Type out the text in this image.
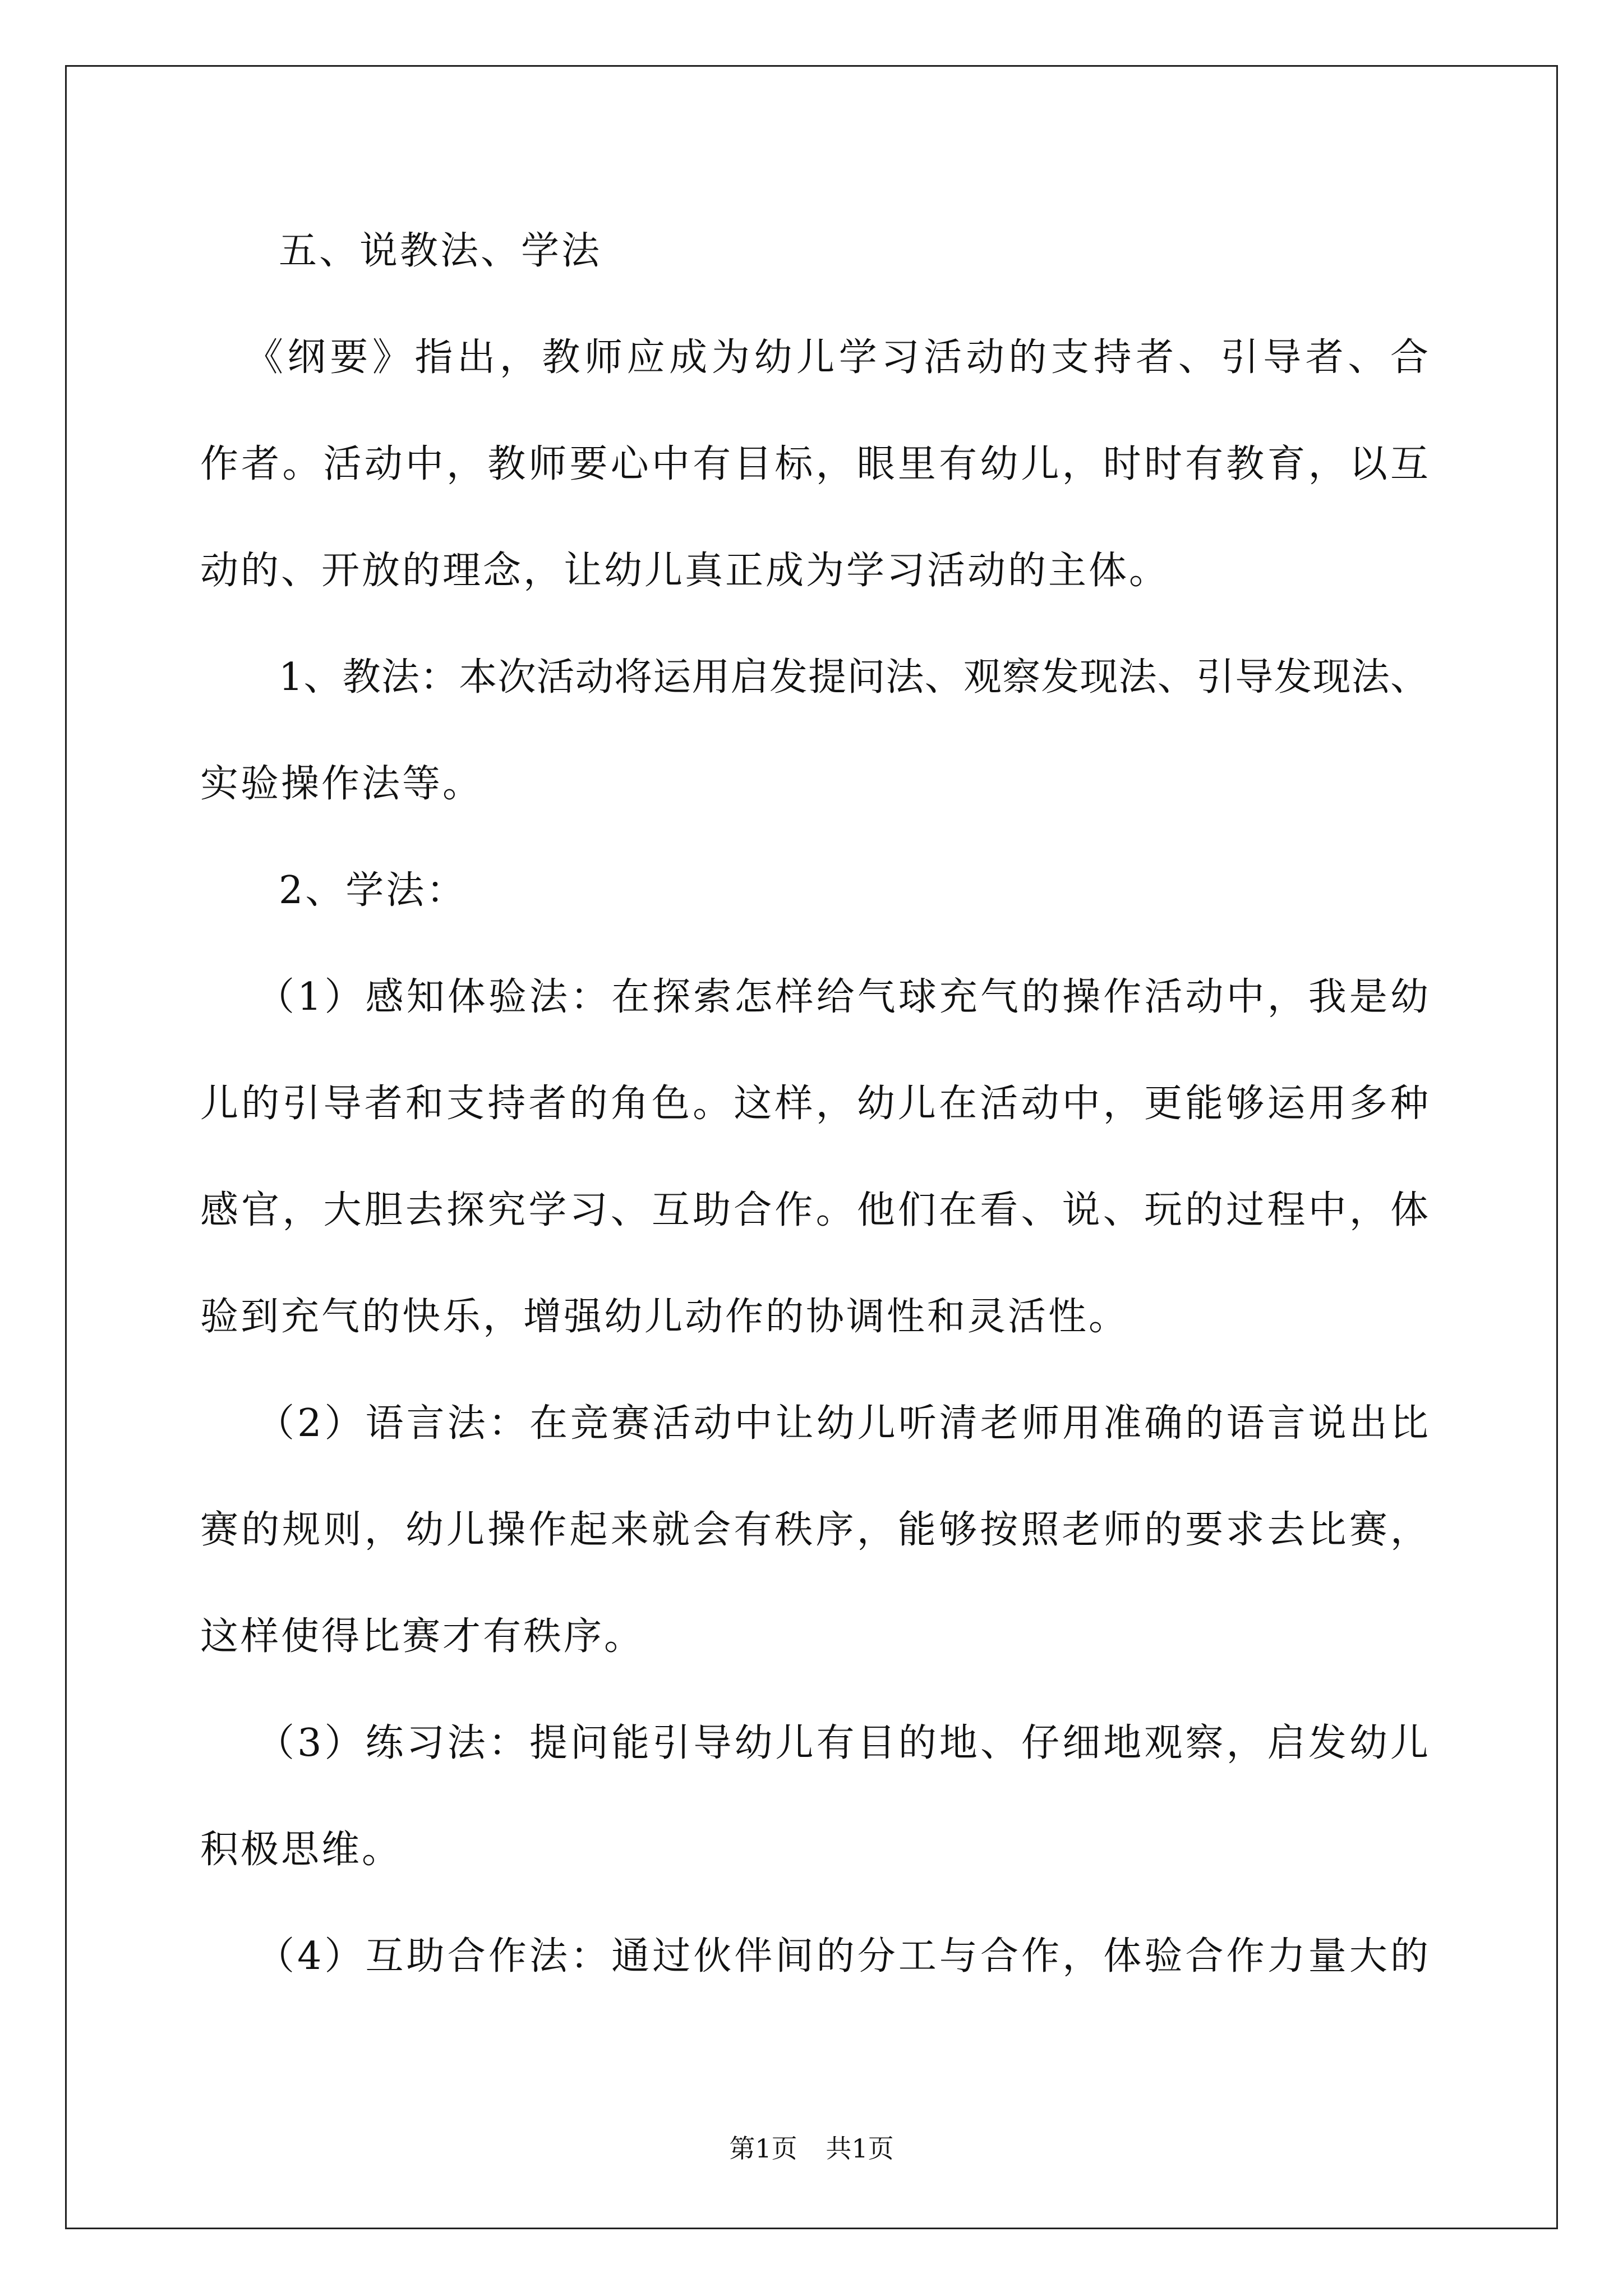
五、说教法、学法
《纲要》指出，教师应成为幼儿学习活动的支持者、引导者、合
作者。活动中，教师要心中有目标，眼里有幼儿，时时有教育，以互
动的、开放的理念，让幼儿真正成为学习活动的主体。
1、教法：本次活动将运用启发提问法、观察发现法、引导发现法、
实验操作法等。
2、学法：
（1）感知体验法：在探索怎样给气球充气的操作活动中，我是幼
儿的引导者和支持者的角色。这样，幼儿在活动中，更能够运用多种
感官，大胆去探究学习、互助合作。他们在看、说、玩的过程中，体
验到充气的快乐，增强幼儿动作的协调性和灵活性。
（2）语言法：在竞赛活动中让幼儿听清老师用准确的语言说出比
赛的规则，幼儿操作起来就会有秩序，能够按照老师的要求去比赛，
这样使得比赛才有秩序。
（3）练习法：提问能引导幼儿有目的地、仔细地观察，启发幼儿
积极思维。
（4）互助合作法：通过伙伴间的分工与合作，体验合作力量大的
第1页 共1页
